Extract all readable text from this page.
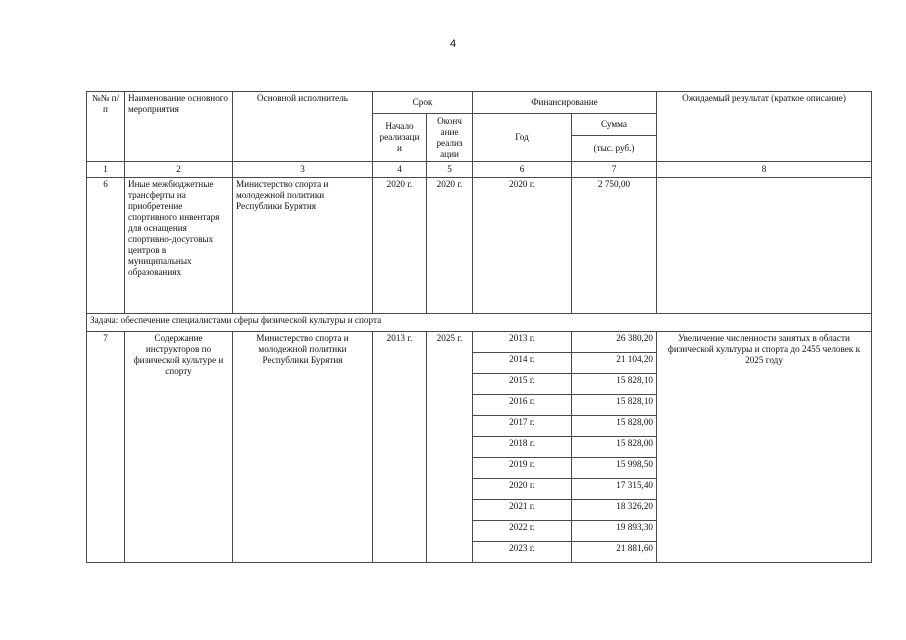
4
№№ п/п	Наименование основного мероприятия	Основной исполнитель	Срок		Финансирование		Ожидаемый результат (краткое описание)
			Начало реализаци и	Оконч ание реализ ации	Год	Сумма	
						(тыс. руб.)	
1	2	3	4	5	6	7	8
6	Иные межбюджетные трансферты на приобретение спортивного инвентаря для оснащения спортивно-досуговых центров в муниципальных образованиях	Министерство спорта и молодежной политики Республики Бурятия	2020 г.	2020 г.	2020 г.	2 750,00	
Задача: обеспечение специалистами сферы физической культуры и спорта							
7	Содержание инструкторов по физической культуре и спорту	Министерство спорта и молодежной политики Республики Бурятия	2013 г.	2025 г.	2013 г.	26 380,20	Увеличение численности занятых в области физической культуры и спорта до 2455 человек к 2025 году
					2014 г.	21 104,20	
					2015 г.	15 828,10	
					2016 г.	15 828,10	
					2017 г.	15 828,00	
					2018 г.	15 828,00	
					2019 г.	15 998,50	
					2020 г.	17 315,40	
					2021 г.	18 326,20	
					2022 г.	19 893,30	
					2023 г.	21 881,60	
